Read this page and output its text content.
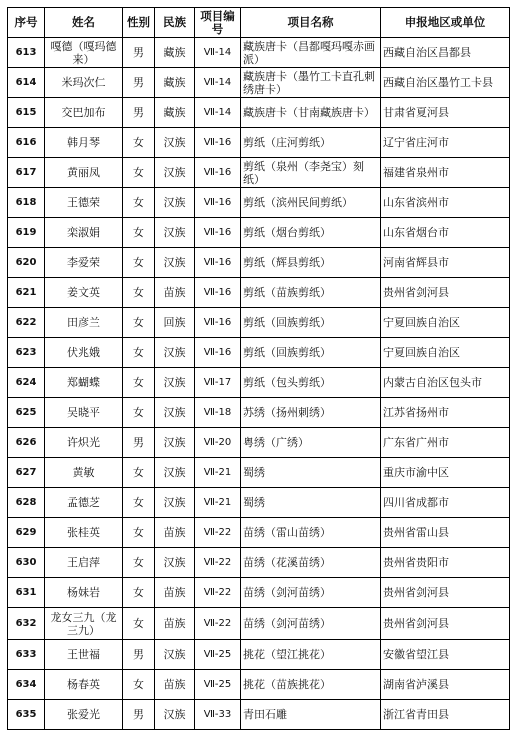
序号	姓名	性别	民族	项目编号	项目名称	申报地区或单位
613	嘎德（嘎玛德来）	男	藏族	Ⅶ-14	藏族唐卡（昌都嘎玛嘎赤画派）	西藏自治区昌都县
614	米玛次仁	男	藏族	Ⅶ-14	藏族唐卡（墨竹工卡直孔刺绣唐卡）	西藏自治区墨竹工卡县
615	交巴加布	男	藏族	Ⅶ-14	藏族唐卡（甘南藏族唐卡）	甘肃省夏河县
616	韩月琴	女	汉族	Ⅶ-16	剪纸（庄河剪纸）	辽宁省庄河市
617	黄丽凤	女	汉族	Ⅶ-16	剪纸（泉州（李尧宝）刻纸）	福建省泉州市
618	王德荣	女	汉族	Ⅶ-16	剪纸（滨州民间剪纸）	山东省滨州市
619	栾淑娟	女	汉族	Ⅶ-16	剪纸（烟台剪纸）	山东省烟台市
620	李爱荣	女	汉族	Ⅶ-16	剪纸（辉县剪纸）	河南省辉县市
621	姜文英	女	苗族	Ⅶ-16	剪纸（苗族剪纸）	贵州省剑河县
622	田彦兰	女	回族	Ⅶ-16	剪纸（回族剪纸）	宁夏回族自治区
623	伏兆娥	女	汉族	Ⅶ-16	剪纸（回族剪纸）	宁夏回族自治区
624	郑蝴蝶	女	汉族	Ⅶ-17	剪纸（包头剪纸）	内蒙古自治区包头市
625	吴晓平	女	汉族	Ⅶ-18	苏绣（扬州刺绣）	江苏省扬州市
626	许炽光	男	汉族	Ⅶ-20	粤绣（广绣）	广东省广州市
627	黄敏	女	汉族	Ⅶ-21	蜀绣	重庆市渝中区
628	孟德芝	女	汉族	Ⅶ-21	蜀绣	四川省成都市
629	张桂英	女	苗族	Ⅶ-22	苗绣（雷山苗绣）	贵州省雷山县
630	王启萍	女	汉族	Ⅶ-22	苗绣（花溪苗绣）	贵州省贵阳市
631	杨妹岩	女	苗族	Ⅶ-22	苗绣（剑河苗绣）	贵州省剑河县
632	龙女三九（龙三九）	女	苗族	Ⅶ-22	苗绣（剑河苗绣）	贵州省剑河县
633	王世福	男	汉族	Ⅶ-25	挑花（望江挑花）	安徽省望江县
634	杨春英	女	苗族	Ⅶ-25	挑花（苗族挑花）	湖南省泸溪县
635	张爱光	男	汉族	Ⅶ-33	青田石雕	浙江省青田县
